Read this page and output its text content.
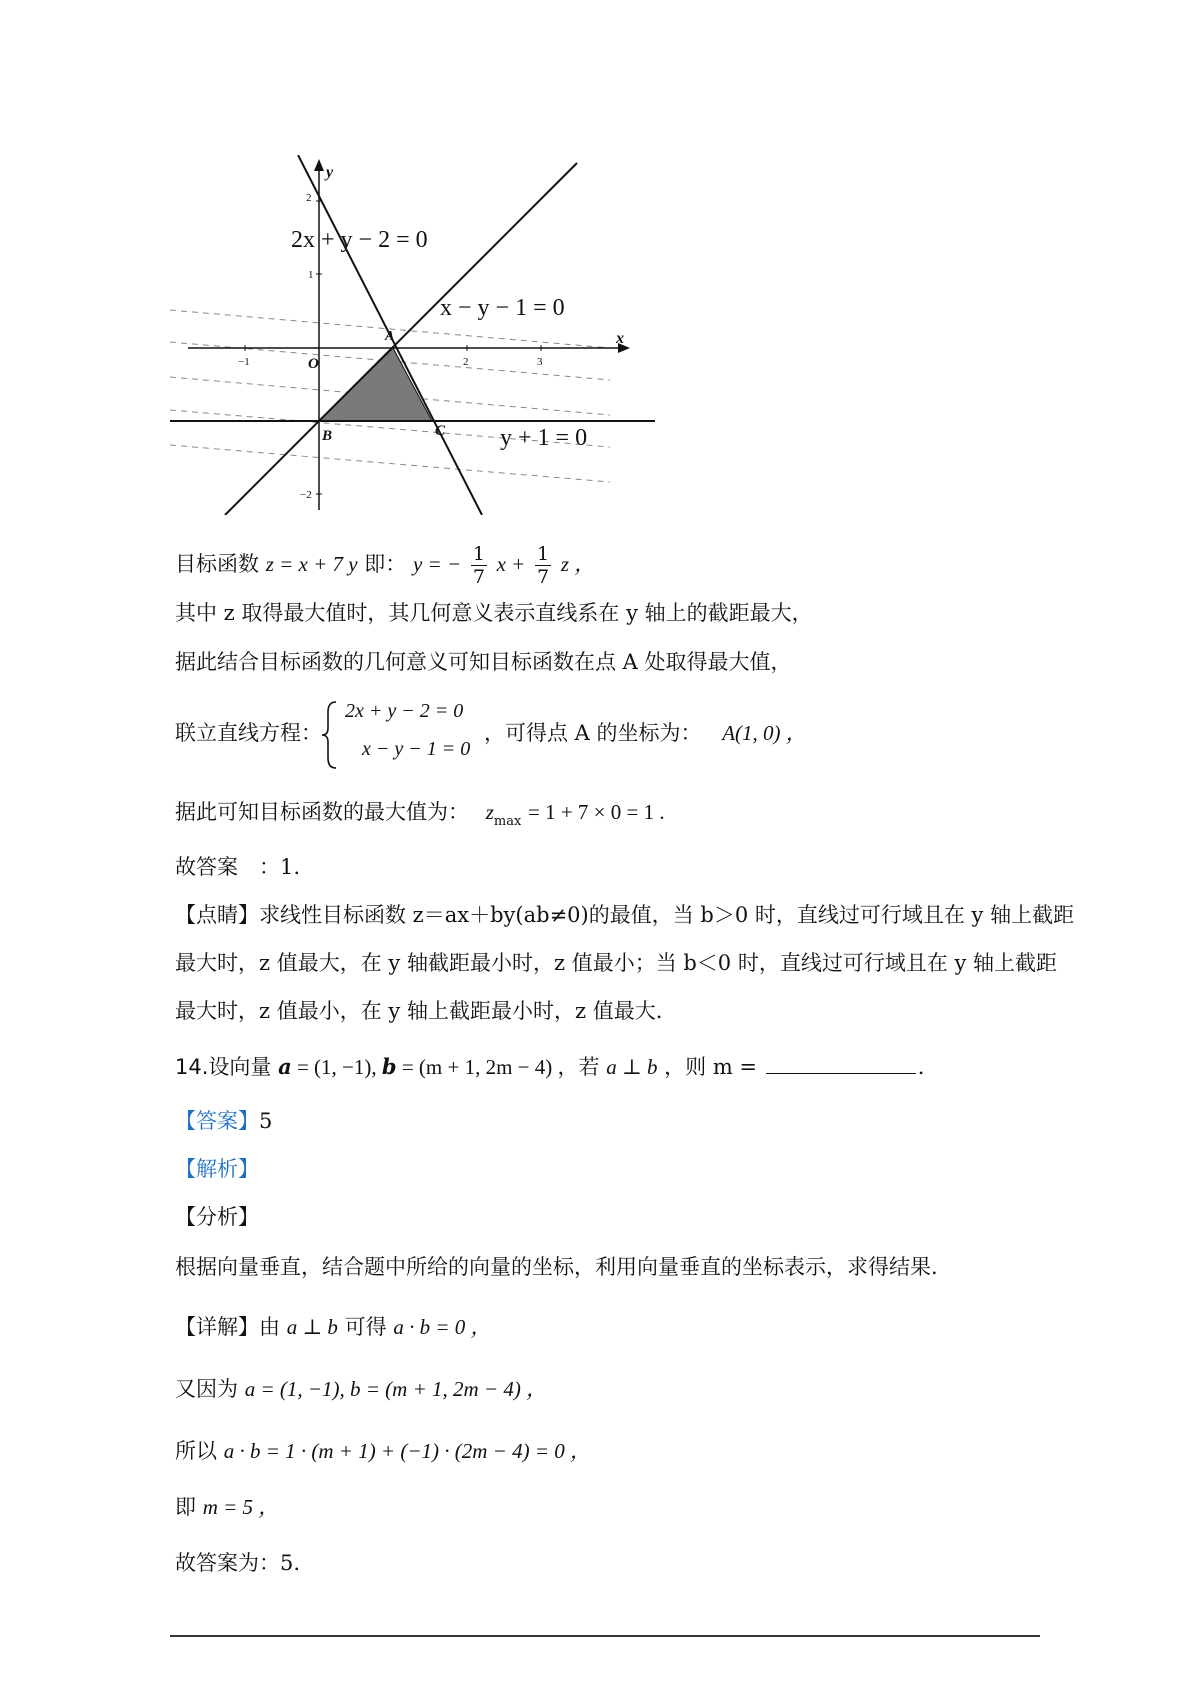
−1	2	3
2
1
−2
y
x
O
A
B	C
2x + y − 2 = 0
x − y − 1 = 0
y + 1 = 0
目标函数 z = x + 7 y 即： y = − $\frac{1}{7}$ $x + \frac{1}{7}$ z ，
其中 z 取得最大值时，其几何意义表示直线系在 y 轴上的截距最大，
据此结合目标函数的几何意义可知目标函数在点 A 处取得最大值，
联立直线方程：
2x + y − 2 = 0
x − y − 1 = 0
，可得点 A 的坐标为： A(1, 0) ，
据此可知目标函数的最大值为： $z_{max} = 1 + 7 \times 0 = 1$ .
故答案　：1.
【点睛】求线性目标函数 z＝ax＋by(ab≠0)的最值，当 b＞0 时，直线过可行域且在 y 轴上截距
最大时，z 值最大，在 y 轴截距最小时，z 值最小；当 b＜0 时，直线过可行域且在 y 轴上截距
最大时，z 值最小，在 y 轴上截距最小时，z 值最大.
14.设向量 a = (1, −1), b = (m + 1, 2m − 4) ，若 a ⊥ b ，则 m =	.
【答案】5
【解析】
【分析】
根据向量垂直，结合题中所给的向量的坐标，利用向量垂直的坐标表示，求得结果.
【详解】由 a ⊥ b 可得 a · b = 0 ，
又因为 a = (1, −1), b = (m + 1, 2m − 4) ，
所以 a · b = 1 · (m + 1) + (−1) · (2m − 4) = 0 ，
即 m = 5 ，
故答案为：5.
